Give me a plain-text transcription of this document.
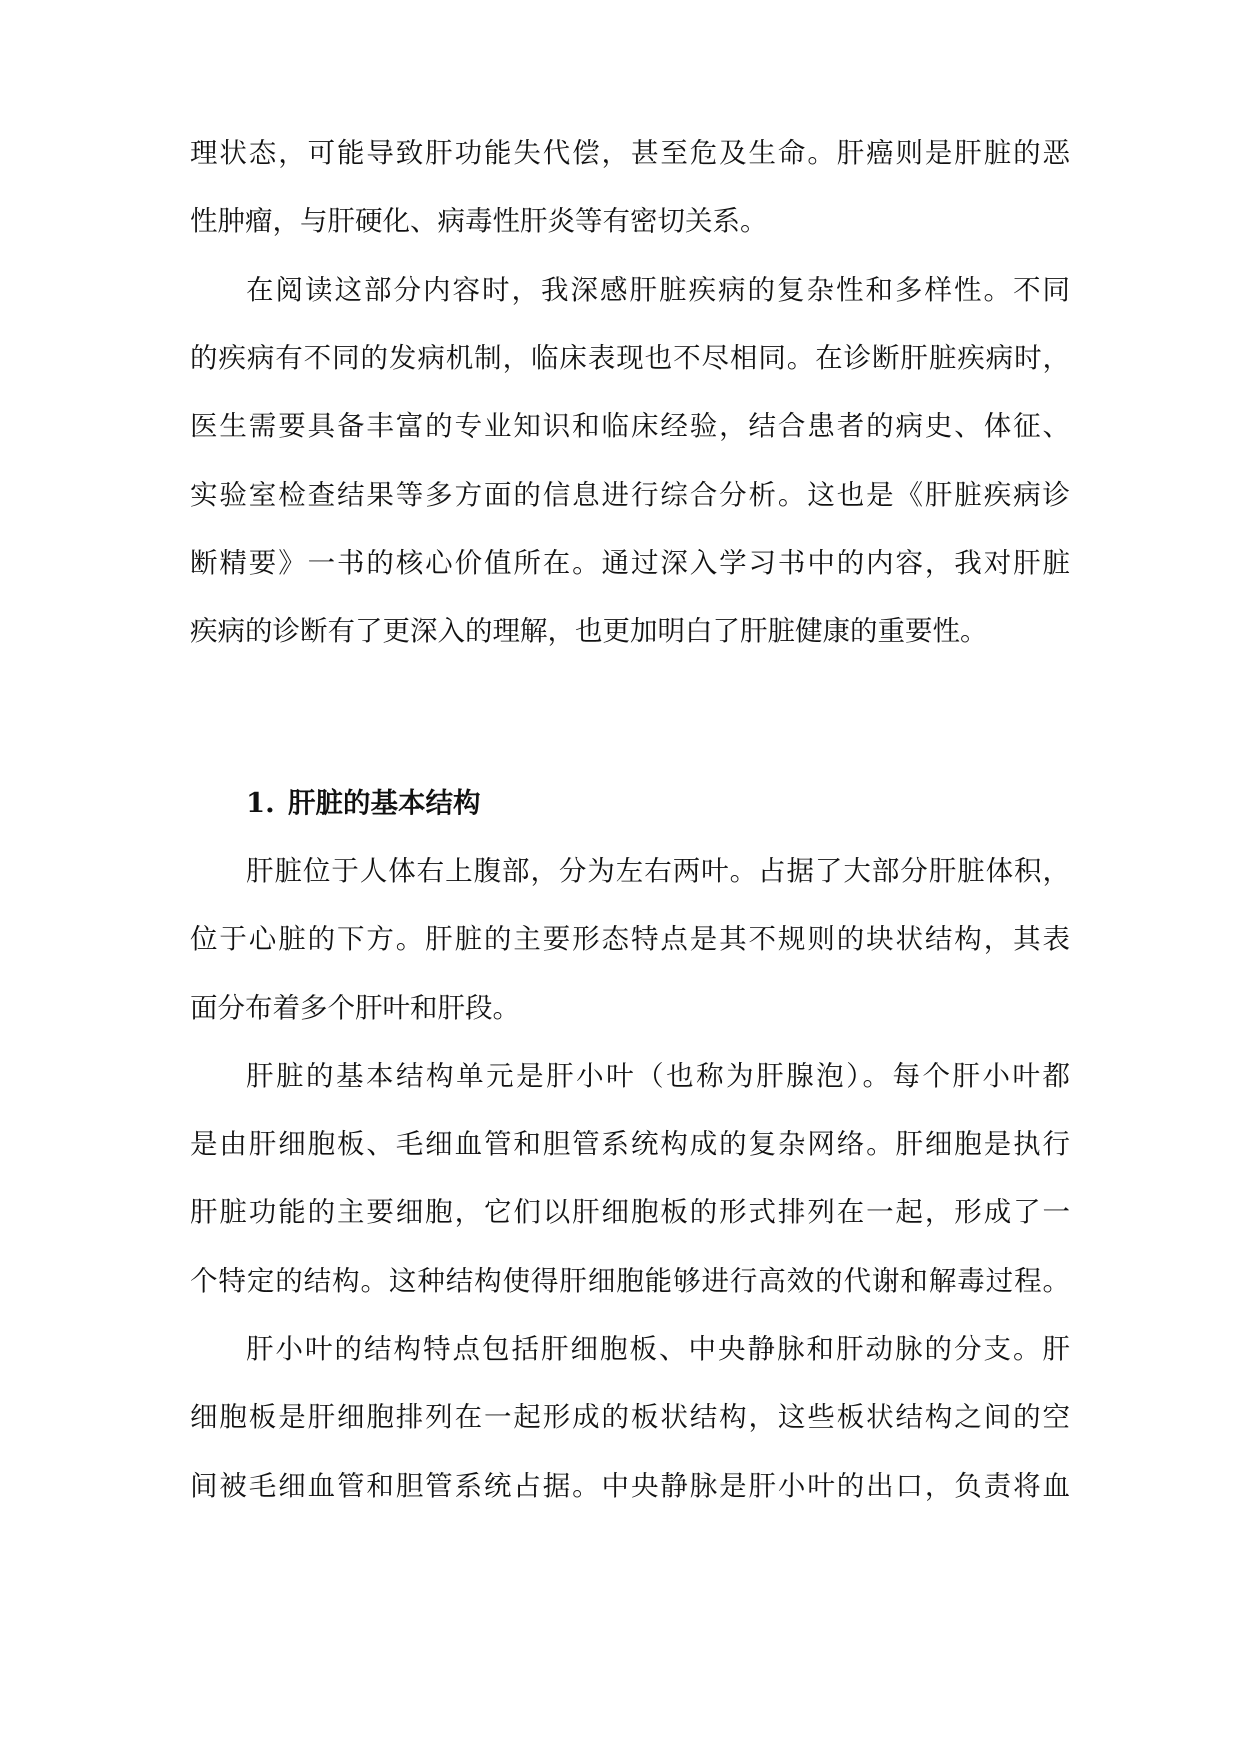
理状态，可能导致肝功能失代偿，甚至危及生命。肝癌则是肝脏的恶
性肿瘤，与肝硬化、病毒性肝炎等有密切关系。
在阅读这部分内容时，我深感肝脏疾病的复杂性和多样性。不同
的疾病有不同的发病机制，临床表现也不尽相同。在诊断肝脏疾病时，
医生需要具备丰富的专业知识和临床经验，结合患者的病史、体征、
实验室检查结果等多方面的信息进行综合分析。这也是《肝脏疾病诊
断精要》一书的核心价值所在。通过深入学习书中的内容，我对肝脏
疾病的诊断有了更深入的理解，也更加明白了肝脏健康的重要性。
1. 肝脏的基本结构
肝脏位于人体右上腹部，分为左右两叶。占据了大部分肝脏体积，
位于心脏的下方。肝脏的主要形态特点是其不规则的块状结构，其表
面分布着多个肝叶和肝段。
肝脏的基本结构单元是肝小叶（也称为肝腺泡）。每个肝小叶都
是由肝细胞板、毛细血管和胆管系统构成的复杂网络。肝细胞是执行
肝脏功能的主要细胞，它们以肝细胞板的形式排列在一起，形成了一
个特定的结构。这种结构使得肝细胞能够进行高效的代谢和解毒过程。
肝小叶的结构特点包括肝细胞板、中央静脉和肝动脉的分支。肝
细胞板是肝细胞排列在一起形成的板状结构，这些板状结构之间的空
间被毛细血管和胆管系统占据。中央静脉是肝小叶的出口，负责将血
